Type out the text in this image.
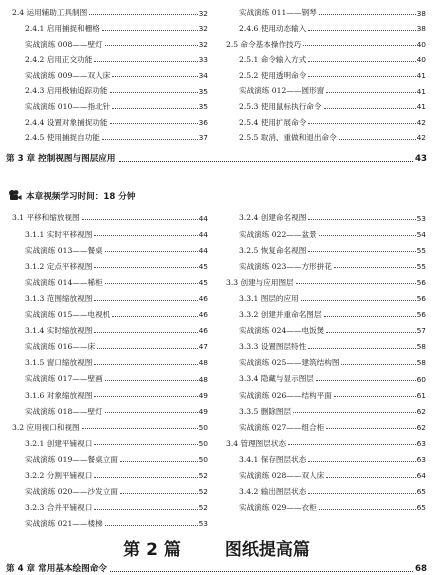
2.4 运用辅助工具制图	32
2.4.1 启用捕捉和栅格	32
实战演练 008——壁灯	32
2.4.2 启用正交功能	33
实战演练 009——双人床	34
2.4.3 启用极轴追踪功能	35
实战演练 010——指北针	35
2.4.4 设置对象捕捉功能	36
2.4.5 使用捕捉自功能	37
实战演练 011——钢琴	38
2.4.6 使用动态输入	38
2.5 命令基本操作技巧	40
2.5.1 命令输入方式	40
2.5.2 使用透明命令	41
实战演练 012——圆形窗	41
2.5.3 使用鼠标执行命令	41
2.5.4 使用扩展命令	42
2.5.5 取消、重做和退出命令	42
第 3 章 控制视图与图层应用	43
本章视频学习时间：18 分钟
3.1 平移和缩放视图	44
3.1.1 实时平移视图	44
实战演练 013——餐桌	44
3.1.2 定点平移视图	45
实战演练 014——稀柜	45
3.1.3 范围缩放视图	46
实战演练 015——电视机	46
3.1.4 实时缩放视图	46
实战演练 016——床	47
3.1.5 窗口缩放视图	48
实战演练 017——壁画	48
3.1.6 对象缩放视图	49
实战演练 018——壁灯	49
3.2 应用视口和视图	50
3.2.1 创建平铺视口	50
实战演练 019——餐桌立面	50
3.2.2 分割平铺视口	52
实战演练 020——沙发立面	52
3.2.3 合并平铺视口	52
实战演练 021——楼梯	53
3.2.4 创建命名视图	53
实战演练 022——盆景	54
3.2.5 恢复命名视图	55
实战演练 023——方形拼花	55
3.3 创建与应用图层	56
3.3.1 图层的应用	56
3.3.2 创建并重命名图层	56
实战演练 024——电饭煲	57
3.3.3 设置图层特性	58
实战演练 025——建筑结构图	58
3.3.4 隐藏与显示图层	60
实战演练 026——结构平面	61
3.3.5 删除图层	62
实战演练 027——组合柜	62
3.4 管理图层状态	63
3.4.1 保存图层状态	63
实战演练 028——双人床	64
3.4.2 输出图层状态	65
实战演练 029——衣柜	65
第 2 篇	图纸提高篇
第 4 章 常用基本绘图命令	68
